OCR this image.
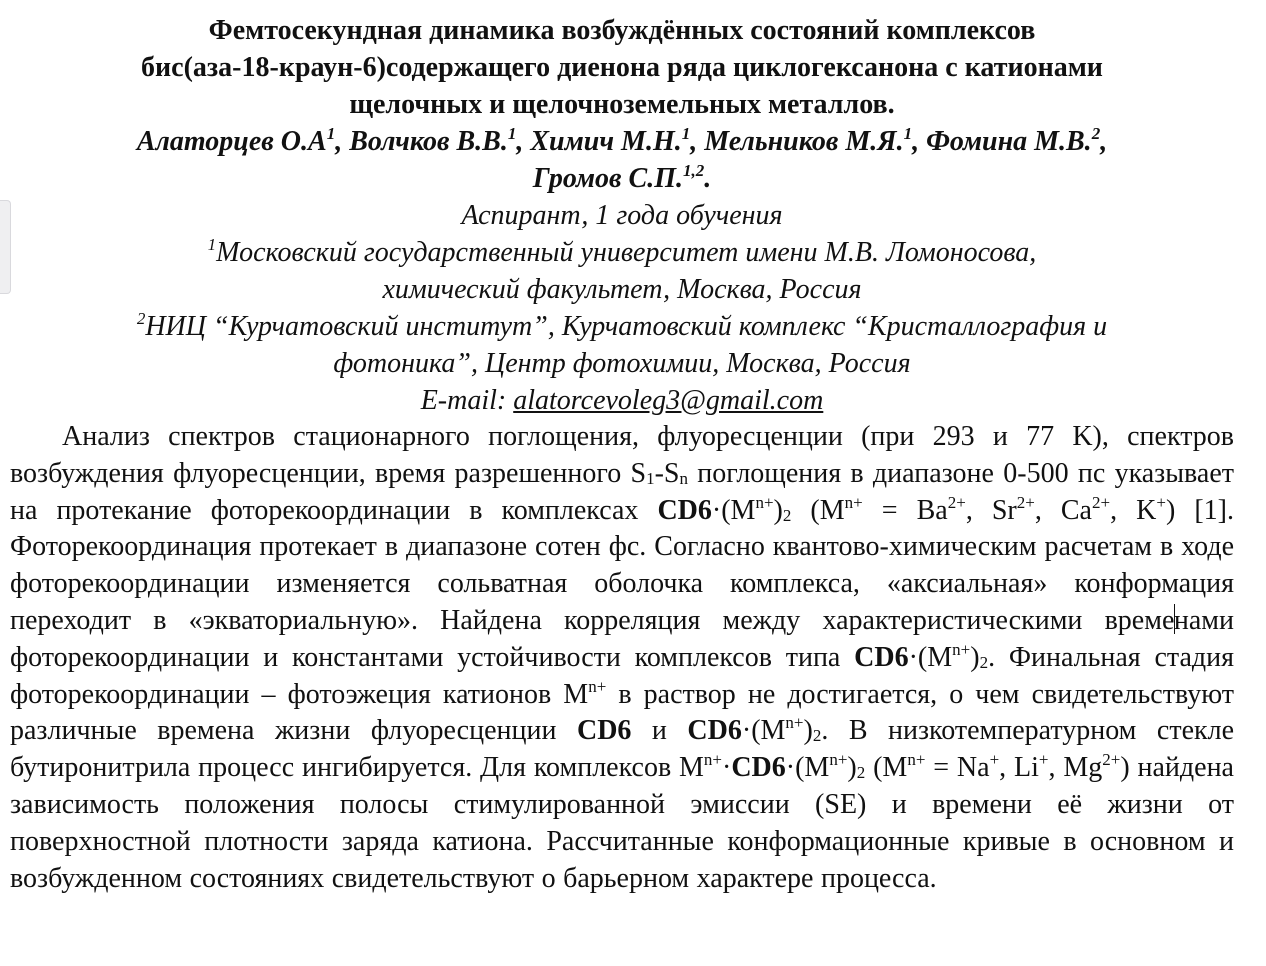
Фемтосекундная динамика возбуждённых состояний комплексов
бис(аза-18-краун-6)содержащего диенона ряда циклогексанона с катионами
щелочных и щелочноземельных металлов.
Алаторцев $О.А^1$, Волчков В.В.$^1$, Химич М.Н.$^1$, Мельников М.Я.$^1$, Фомина М.В.$^2$,
Громов С.П.$^{1,2}$.
Аспирант, 1 года обучения
$^1$Московский государственный университет имени М.В. Ломоносова,
химический факультет, Москва, Россия
$^2$НИЦ “Курчатовский институт”, Курчатовский комплекс “Кристаллография и
фотоника”, Центр фотохимии, Москва, Россия
E-mail: alatorcevoleg3@gmail.com
Анализ спектров стационарного поглощения, флуоресценции (при 293 и 77 K), спектров возбуждения флуоресценции, время разрешенного $S_1-S_n$ поглощения в диапазоне 0-500 пс указывает на протекание фоторекоординации в комплексах $CD6\cdot(M^{n+})_2$ ($M^{n+} = Ba^{2+}$, $Sr^{2+}$, $Ca^{2+}$, K+) [1]. Фоторекоординация протекает в диапазоне сотен фс. Согласно квантово-химическим расчетам в ходе фоторекоординации изменяется сольватная оболочка комплекса, «аксиальная» конформация переходит в «экваториальную». Найдена корреляция между характеристическими временами фоторекоординации и константами устойчивости комплексов типа $CD6\cdot(M^{n+})_2$. Финальная стадия фоторекоординации – фотоэжеция катионов $M^{n+}$ в раствор не достигается, о чем свидетельствуют различные времена жизни флуоресценции CD6 и $CD6\cdot(M^{n+})_2$. В низкотемпературном стекле бутиронитрила процесс ингибируется. Для комплексов $M^{n+}\cdot CD6\cdot(M^{n+})_2$ ($M^{n+} = Na^+$, Li+, $Mg^{2+}$) найдена зависимость положения полосы стимулированной эмиссии (SE) и времени её жизни от поверхностной плотности заряда катиона. Рассчитанные конформационные кривые в основном и возбужденном состояниях свидетельствуют о барьерном характере процесса.
